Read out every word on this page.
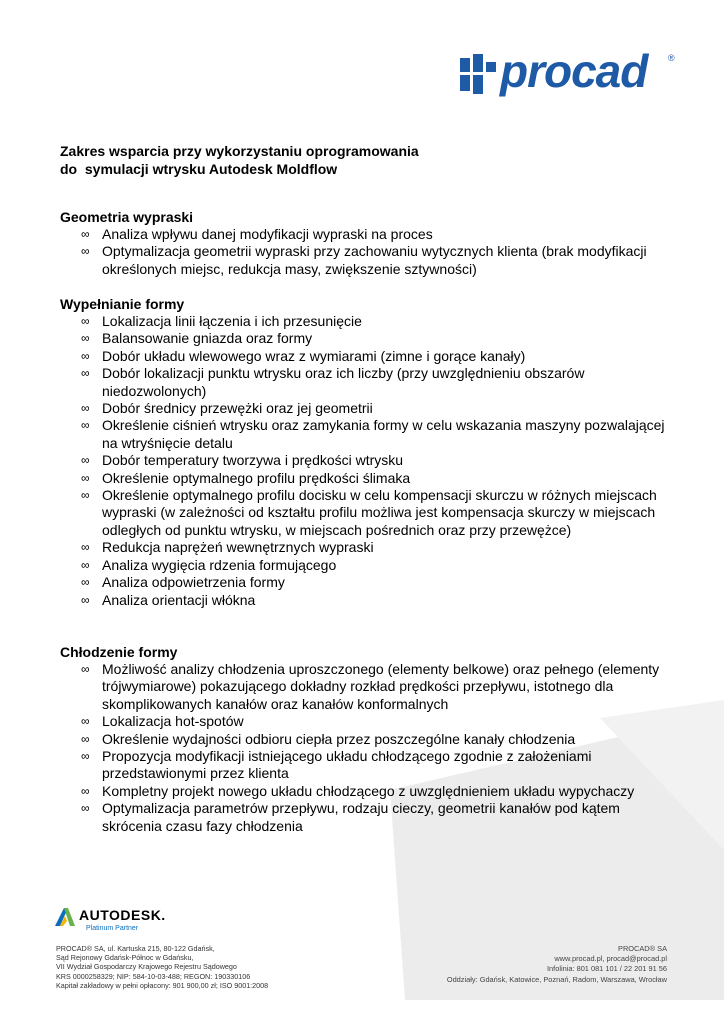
procad ®
Zakres wsparcia przy wykorzystaniu oprogramowania
do  symulacji wtrysku Autodesk Moldflow
Geometria wypraski
∞ Analiza wpływu danej modyfikacji wypraski na proces
∞ Optymalizacja geometrii wypraski przy zachowaniu wytycznych klienta (brak modyfikacji określonych miejsc, redukcja masy, zwiększenie sztywności)
Wypełnianie formy
∞ Lokalizacja linii łączenia i ich przesunięcie
∞ Balansowanie gniazda oraz formy
∞ Dobór układu wlewowego wraz z wymiarami (zimne i gorące kanały)
∞ Dobór lokalizacji punktu wtrysku oraz ich liczby (przy uwzględnieniu obszarów niedozwolonych)
∞ Dobór średnicy przewężki oraz jej geometrii
∞ Określenie ciśnień wtrysku oraz zamykania formy w celu wskazania maszyny pozwalającej na wtryśnięcie detalu
∞ Dobór temperatury tworzywa i prędkości wtrysku
∞ Określenie optymalnego profilu prędkości ślimaka
∞ Określenie optymalnego profilu docisku w celu kompensacji skurczu w różnych miejscach wypraski (w zależności od kształtu profilu możliwa jest kompensacja skurczy w miejscach odległych od punktu wtrysku, w miejscach pośrednich oraz przy przewężce)
∞ Redukcja naprężeń wewnętrznych wypraski
∞ Analiza wygięcia rdzenia formującego
∞ Analiza odpowietrzenia formy
∞ Analiza orientacji włókna
Chłodzenie formy
∞ Możliwość analizy chłodzenia uproszczonego (elementy belkowe) oraz pełnego (elementy trójwymiarowe) pokazującego dokładny rozkład prędkości przepływu, istotnego dla skomplikowanych kanałów oraz kanałów konformalnych
∞ Lokalizacja hot-spotów
∞ Określenie wydajności odbioru ciepła przez poszczególne kanały chłodzenia
∞ Propozycja modyfikacji istniejącego układu chłodzącego zgodnie z założeniami przedstawionymi przez klienta
∞ Kompletny projekt nowego układu chłodzącego z uwzględnieniem układu wypychaczy
∞ Optymalizacja parametrów przepływu, rodzaju cieczy, geometrii kanałów pod kątem skrócenia czasu fazy chłodzenia
AUTODESK.
Platinum Partner
PROCAD® SA, ul. Kartuska 215, 80-122 Gdańsk,
Sąd Rejonowy Gdańsk-Północ w Gdańsku,
VII Wydział Gospodarczy Krajowego Rejestru Sądowego
KRS 0000258329; NIP: 584-10-03-488; REGON: 190330106
Kapitał zakładowy w pełni opłacony: 901 900,00 zł; ISO 9001:2008
PROCAD® SA
www.procad.pl, procad@procad.pl
Infolinia: 801 081 101 / 22 201 91 56
Oddziały: Gdańsk, Katowice, Poznań, Radom, Warszawa, Wrocław
